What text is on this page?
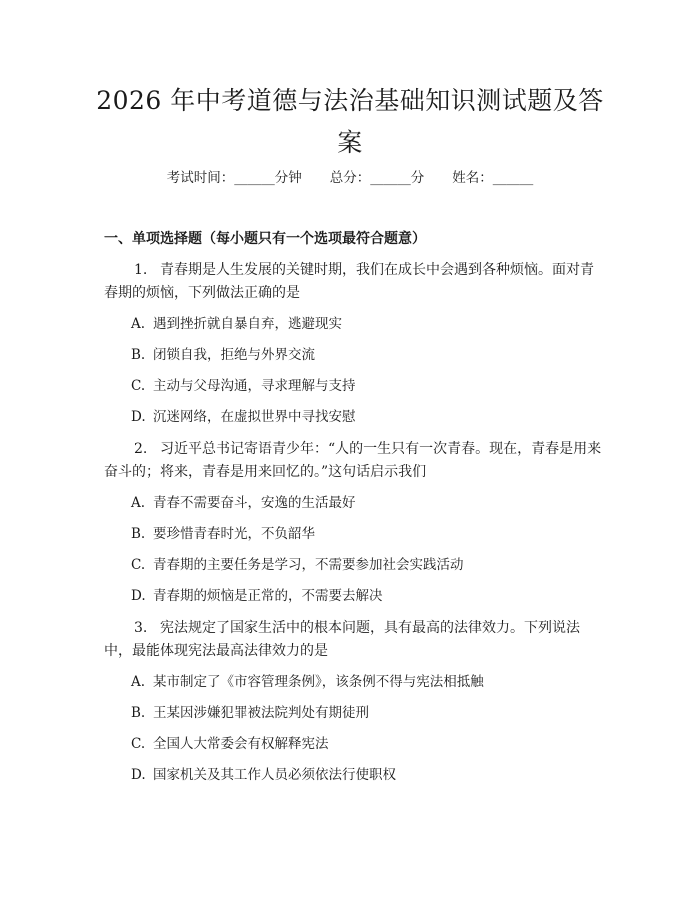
2026 年中考道德与法治基础知识测试题及答案
考试时间：______分钟 总分：______分 姓名：______
一、单项选择题（每小题只有一个选项最符合题意）
1. 青春期是人生发展的关键时期，我们在成长中会遇到各种烦恼。面对青春期的烦恼，下列做法正确的是
A. 遇到挫折就自暴自弃，逃避现实
B. 闭锁自我，拒绝与外界交流
C. 主动与父母沟通，寻求理解与支持
D. 沉迷网络，在虚拟世界中寻找安慰
2. 习近平总书记寄语青少年：“人的一生只有一次青春。现在，青春是用来奋斗的；将来，青春是用来回忆的。”这句话启示我们
A. 青春不需要奋斗，安逸的生活最好
B. 要珍惜青春时光，不负韶华
C. 青春期的主要任务是学习，不需要参加社会实践活动
D. 青春期的烦恼是正常的，不需要去解决
3. 宪法规定了国家生活中的根本问题，具有最高的法律效力。下列说法中，最能体现宪法最高法律效力的是
A. 某市制定了《市容管理条例》，该条例不得与宪法相抵触
B. 王某因涉嫌犯罪被法院判处有期徒刑
C. 全国人大常委会有权解释宪法
D. 国家机关及其工作人员必须依法行使职权
